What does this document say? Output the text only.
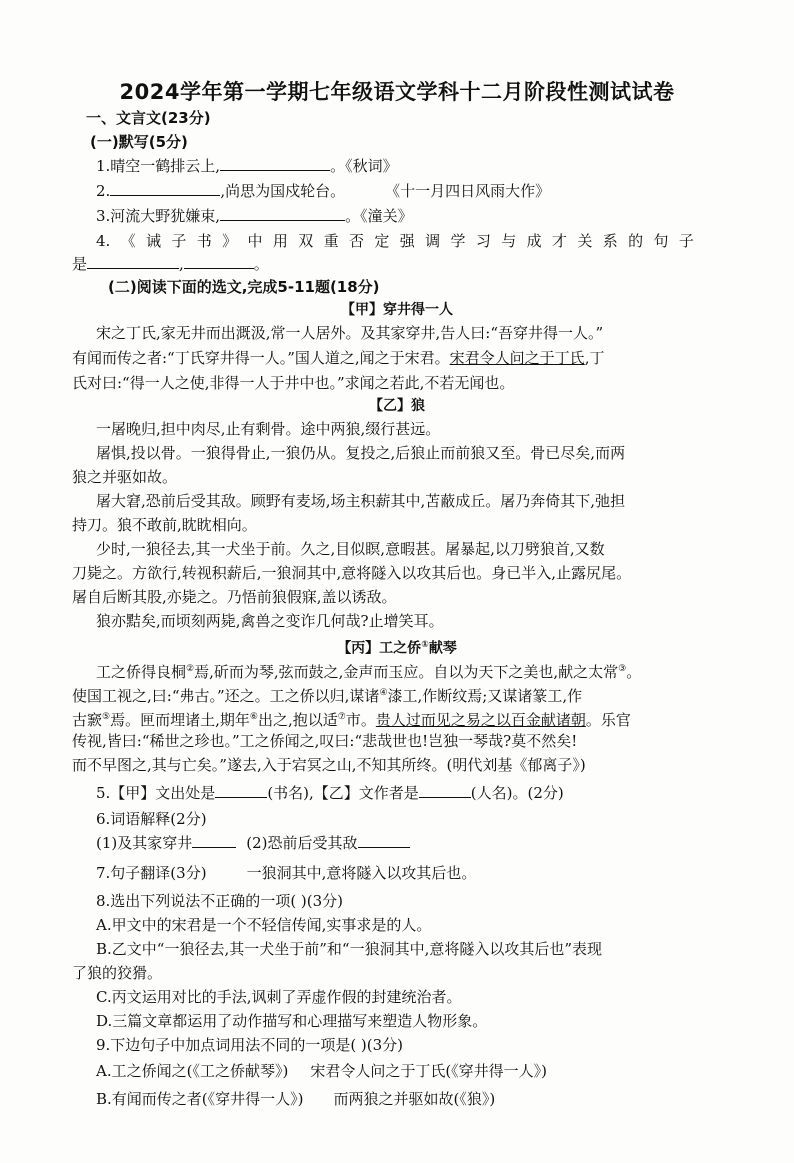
2024学年第一学期七年级语文学科十二月阶段性测试试卷
一、文言文(23分)
(一)默写(5分)
1.晴空一鹤排云上,	。《秋词》
2.	,尚思为国戍轮台。	《十一月四日风雨大作》
3.河流大野犹嫌束,	。《潼关》
4. 《 诫 子 书 》 中 用 双 重 否 定 强 调 学 习 与 成 才 关 系 的 句 子
是	,	。
(二)阅读下面的选文,完成5-11题(18分)
【甲】穿井得一人
宋之丁氏,家无井而出溉汲,常一人居外。及其家穿井,告人曰:“吾穿井得一人。”
有闻而传之者:“丁氏穿井得一人。”国人道之,闻之于宋君。宋君令人问之于丁氏,丁
氏对曰:“得一人之使,非得一人于井中也。”求闻之若此,不若无闻也。
【乙】狼
一屠晚归,担中肉尽,止有剩骨。途中两狼,缀行甚远。
屠惧,投以骨。一狼得骨止,一狼仍从。复投之,后狼止而前狼又至。骨已尽矣,而两
狼之并驱如故。
屠大窘,恐前后受其敌。顾野有麦场,场主积薪其中,苫蔽成丘。屠乃奔倚其下,弛担
持刀。狼不敢前,眈眈相向。
少时,一狼径去,其一犬坐于前。久之,目似瞑,意暇甚。屠暴起,以刀劈狼首,又数
刀毙之。方欲行,转视积薪后,一狼洞其中,意将隧入以攻其后也。身已半入,止露尻尾。
屠自后断其股,亦毙之。乃悟前狼假寐,盖以诱敌。
狼亦黠矣,而顷刻两毙,禽兽之变诈几何哉?止增笑耳。
【丙】工之侨①献琴
工之侨得良桐②焉,斫而为琴,弦而鼓之,金声而玉应。自以为天下之美也,献之太常③。
使国工视之,曰:“弗古。”还之。工之侨以归,谋诸④漆工,作断纹焉;又谋诸篆工,作
古窾⑤焉。匣而埋诸土,期年⑥出之,抱以适⑦市。贵人过而见之易之以百金献诸朝。乐官
传视,皆曰:“稀世之珍也。”工之侨闻之,叹曰:“悲哉世也!岂独一琴哉?莫不然矣!
而不早图之,其与亡矣。”遂去,入于宕冥之山,不知其所终。(明代刘基《郁离子》)
5.【甲】文出处是	(书名),【乙】文作者是	(人名)。(2分)
6.词语解释(2分)
(1)及其家穿井	(2)恐前后受其敌
7.句子翻译(3分)	一狼洞其中,意将隧入以攻其后也。
8.选出下列说法不正确的一项( )(3分)
A.甲文中的宋君是一个不轻信传闻,实事求是的人。
B.乙文中“一狼径去,其一犬坐于前”和“一狼洞其中,意将隧入以攻其后也”表现
了狼的狡猾。
C.丙文运用对比的手法,讽刺了弄虚作假的封建统治者。
D.三篇文章都运用了动作描写和心理描写来塑造人物形象。
9.下边句子中加点词用法不同的一项是( )(3分)
A.工之侨闻之(《工之侨献琴》) 宋君令人问之于丁氏(《穿井得一人》)
B.有闻而传之者(《穿井得一人》) 而两狼之并驱如故(《狼》)
